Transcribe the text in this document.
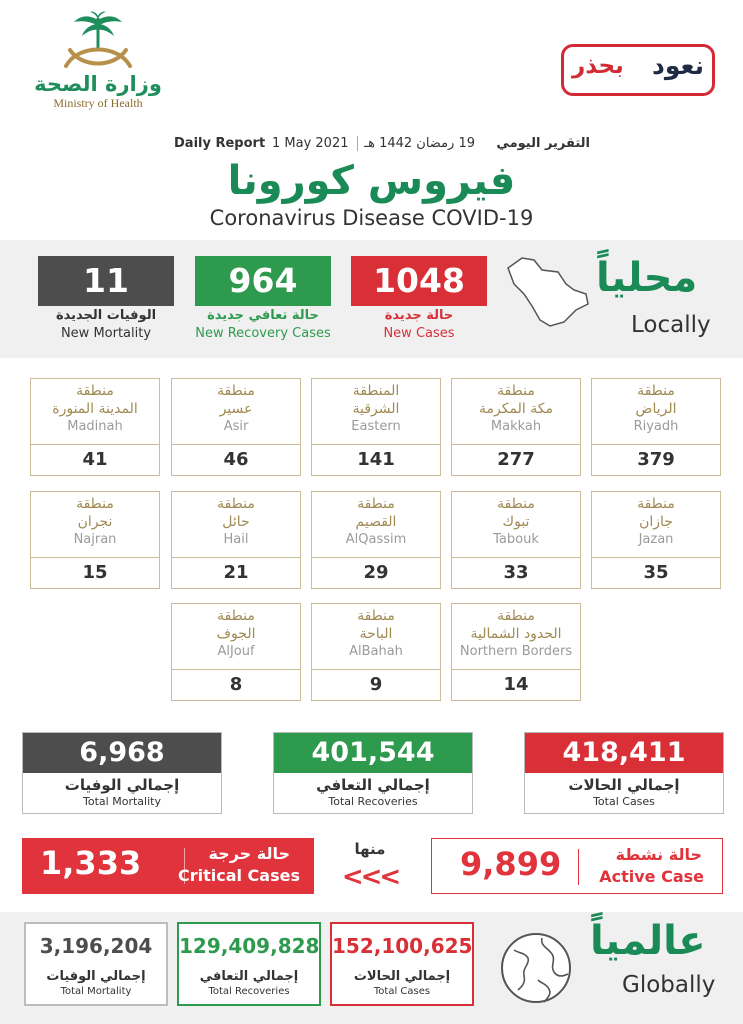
وزارة الصحة
Ministry of Health
نعود
بحذر
التقرير اليومي
19 رمضان 1442 هـ
1 May 2021
Daily Report
فيروس كورونا
Coronavirus Disease COVID-19
11
الوفيات الجديدة
New Mortality
964
حالة تعافي جديدة
New Recovery Cases
1048
حالة جديدة
New Cases
محلياً
Locally
منطقة
الرياض
Riyadh
379
منطقة
مكة المكرمة
Makkah
277
المنطقة
الشرقية
Eastern
141
منطقة
عسير
Asir
46
منطقة
المدينة المنورة
Madinah
41
منطقة
جازان
Jazan
35
منطقة
تبوك
Tabouk
33
منطقة
القصيم
AlQassim
29
منطقة
حائل
Hail
21
منطقة
نجران
Najran
15
منطقة
الحدود الشمالية
Northern Borders
14
منطقة
الباحة
AlBahah
9
منطقة
الجوف
AlJouf
8
6,968
إجمالي الوفيات
Total Mortality
401,544
إجمالي التعافي
Total Recoveries
418,411
إجمالي الحالات
Total Cases
1,333	حالة حرجة
Critical Cases
منها
<<<	9,899	حالة نشطة
Active Case
3,196,204
إجمالي الوفيات
Total Mortality
129,409,828
إجمالي التعافي
Total Recoveries
152,100,625
إجمالي الحالات
Total Cases
عالمياً
Globally
